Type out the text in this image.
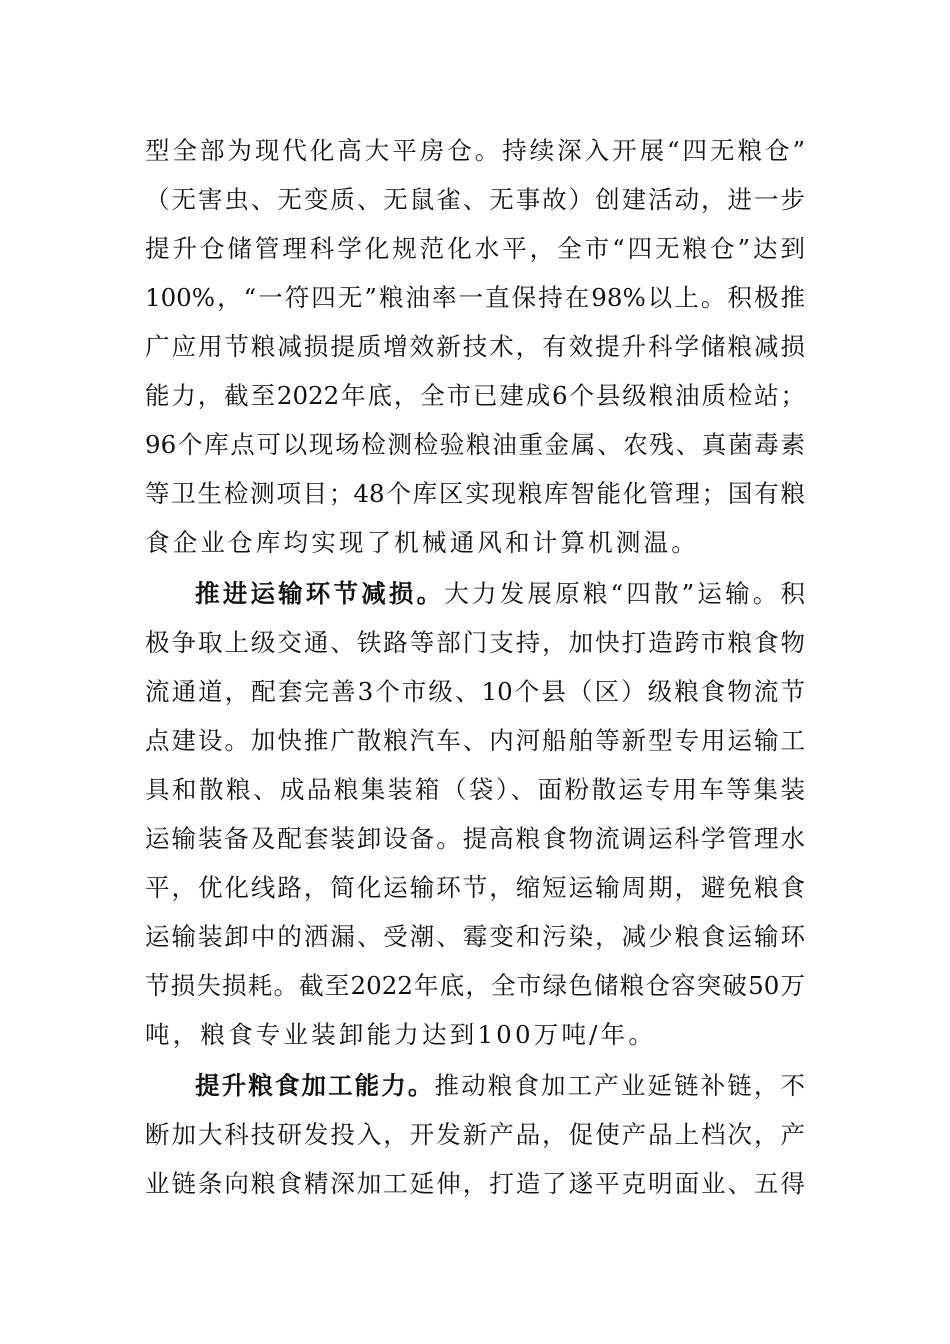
型全部为现代化高大平房仓。持续深入开展“四无粮仓”
（无害虫、无变质、无鼠雀、无事故）创建活动，进一步
提升仓储管理科学化规范化水平，全市“四无粮仓”达到
100%，“一符四无”粮油率一直保持在98%以上。积极推
广应用节粮减损提质增效新技术，有效提升科学储粮减损
能力，截至2022年底，全市已建成6个县级粮油质检站；
96个库点可以现场检测检验粮油重金属、农残、真菌毒素
等卫生检测项目；48个库区实现粮库智能化管理；国有粮
食企业仓库均实现了机械通风和计算机测温。
推进运输环节减损。大力发展原粮“四散”运输。积
极争取上级交通、铁路等部门支持，加快打造跨市粮食物
流通道，配套完善3个市级、10个县（区）级粮食物流节
点建设。加快推广散粮汽车、内河船舶等新型专用运输工
具和散粮、成品粮集装箱（袋）、面粉散运专用车等集装
运输装备及配套装卸设备。提高粮食物流调运科学管理水
平，优化线路，简化运输环节，缩短运输周期，避免粮食
运输装卸中的洒漏、受潮、霉变和污染，减少粮食运输环
节损失损耗。截至2022年底，全市绿色储粮仓容突破50万
吨，粮食专业装卸能力达到100万吨/年。
提升粮食加工能力。推动粮食加工产业延链补链，不
断加大科技研发投入，开发新产品，促使产品上档次，产
业链条向粮食精深加工延伸，打造了遂平克明面业、五得
